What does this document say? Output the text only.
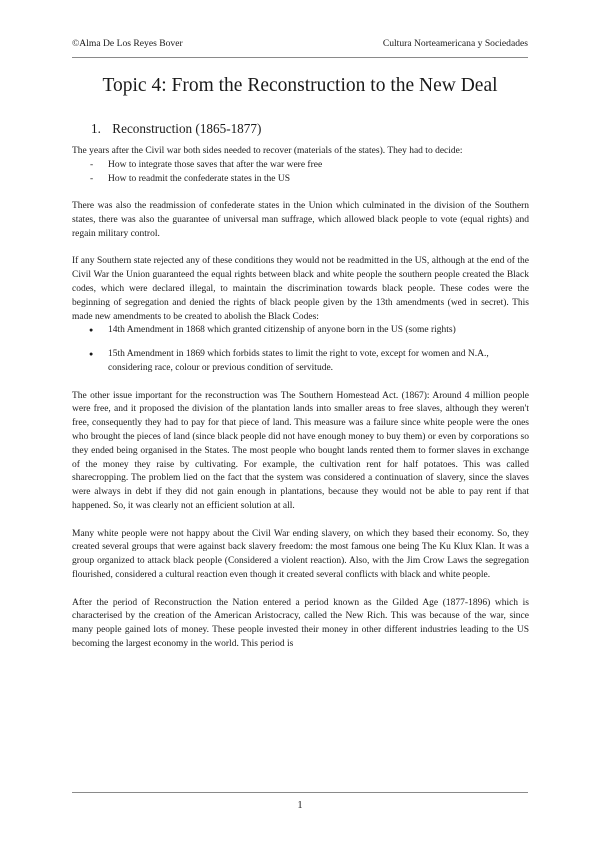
©Alma De Los Reyes Bover	Cultura Norteamericana y Sociedades
Topic 4: From the Reconstruction to the New Deal
1. Reconstruction (1865-1877)

The years after the Civil war both sides needed to recover (materials of the states). They had to decide:

- How to integrate those saves that after the war were free
- How to readmit the confederate states in the US

There was also the readmission of confederate states in the Union which culminated in the division of the Southern states, there was also the guarantee of universal man suffrage, which allowed black people to vote (equal rights) and regain military control.

If any Southern state rejected any of these conditions they would not be readmitted in the US, although at the end of the Civil War the Union guaranteed the equal rights between black and white people the southern people created the Black codes, which were declared illegal, to maintain the discrimination towards black people. These codes were the beginning of segregation and denied the rights of black people given by the 13th amendments (wed in secret). This made new amendments to be created to abolish the Black Codes:

● 14th Amendment in 1868 which granted citizenship of anyone born in the US (some rights)
● 15th Amendment in 1869 which forbids states to limit the right to vote, except for women and N.A., considering race, colour or previous condition of servitude.

The other issue important for the reconstruction was The Southern Homestead Act. (1867): Around 4 million people were free, and it proposed the division of the plantation lands into smaller areas to free slaves, although they weren't free, consequently they had to pay for that piece of land. This measure was a failure since white people were the ones who brought the pieces of land (since black people did not have enough money to buy them) or even by corporations so they ended being organised in the States. The most people who bought lands rented them to former slaves in exchange of the money they raise by cultivating. For example, the cultivation rent for half potatoes. This was called sharecropping. The problem lied on the fact that the system was considered a continuation of slavery, since the slaves were always in debt if they did not gain enough in plantations, because they would not be able to pay rent if that happened. So, it was clearly not an efficient solution at all.

Many white people were not happy about the Civil War ending slavery, on which they based their economy. So, they created several groups that were against back slavery freedom: the most famous one being The Ku Klux Klan. It was a group organized to attack black people (Considered a violent reaction). Also, with the Jim Crow Laws the segregation flourished, considered a cultural reaction even though it created several conflicts with black and white people.

After the period of Reconstruction the Nation entered a period known as the Gilded Age (1877-1896) which is characterised by the creation of the American Aristocracy, called the New Rich. This was because of the war, since many people gained lots of money. These people invested their money in other different industries leading to the US becoming the largest economy in the world. This period is

1
